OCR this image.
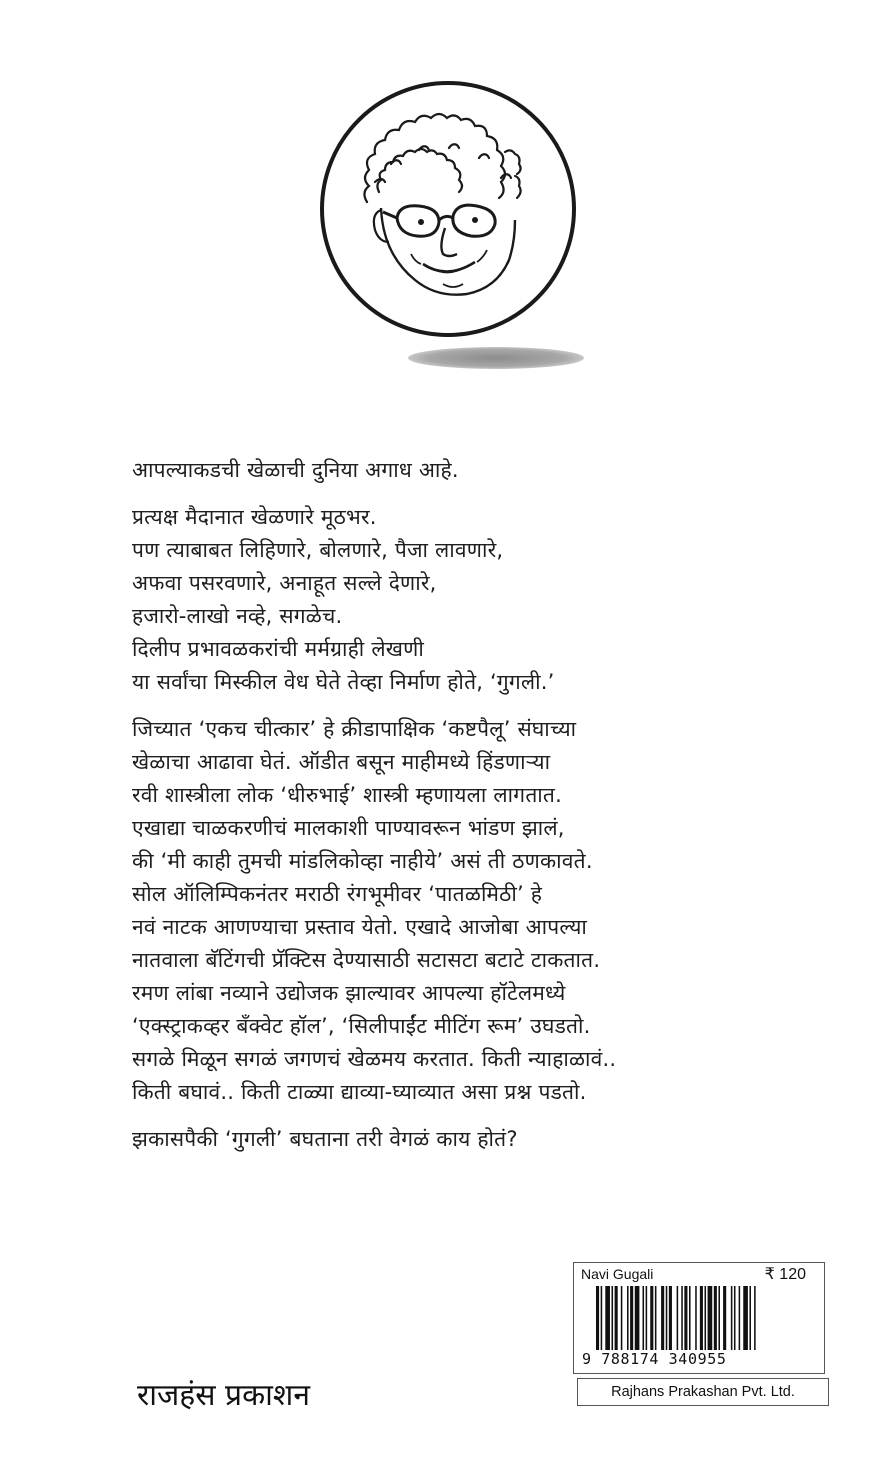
आपल्याकडची खेळाची दुनिया अगाध आहे.
प्रत्यक्ष मैदानात खेळणारे मूठभर.
पण त्याबाबत लिहिणारे, बोलणारे, पैजा लावणारे,
अफवा पसरवणारे, अनाहूत सल्ले देणारे,
हजारो-लाखो नव्हे, सगळेच.
दिलीप प्रभावळकरांची मर्मग्राही लेखणी
या सर्वांचा मिस्कील वेध घेते तेव्हा निर्माण होते, ‘गुगली.’
जिच्यात ‘एकच चीत्कार’ हे क्रीडापाक्षिक ‘कष्टपैलू’ संघाच्या
खेळाचा आढावा घेतं. ऑडीत बसून माहीमध्ये हिंडणाऱ्या
रवी शास्त्रीला लोक ‘धीरुभाई’ शास्त्री म्हणायला लागतात.
एखाद्या चाळकरणीचं मालकाशी पाण्यावरून भांडण झालं,
की ‘मी काही तुमची मांडलिकोव्हा नाहीये’ असं ती ठणकावते.
सोल ऑलिम्पिकनंतर मराठी रंगभूमीवर ‘पातळमिठी’ हे
नवं नाटक आणण्याचा प्रस्ताव येतो. एखादे आजोबा आपल्या
नातवाला बॅटिंगची प्रॅक्टिस देण्यासाठी सटासटा बटाटे टाकतात.
रमण लांबा नव्याने उद्योजक झाल्यावर आपल्या हॉटेलमध्ये
‘एक्स्ट्राकव्हर बँक्वेट हॉल’, ‘सिलीपाईंट मीटिंग रूम’ उघडतो.
सगळे मिळून सगळं जगणचं खेळमय करतात. किती न्याहाळावं..
किती बघावं.. किती टाळ्या द्याव्या-घ्याव्यात असा प्रश्न पडतो.
झकासपैकी ‘गुगली’ बघताना तरी वेगळं काय होतं?
राजहंस प्रकाशन
Navi Gugali	₹ 120
9 788174 340955
Rajhans Prakashan Pvt. Ltd.
